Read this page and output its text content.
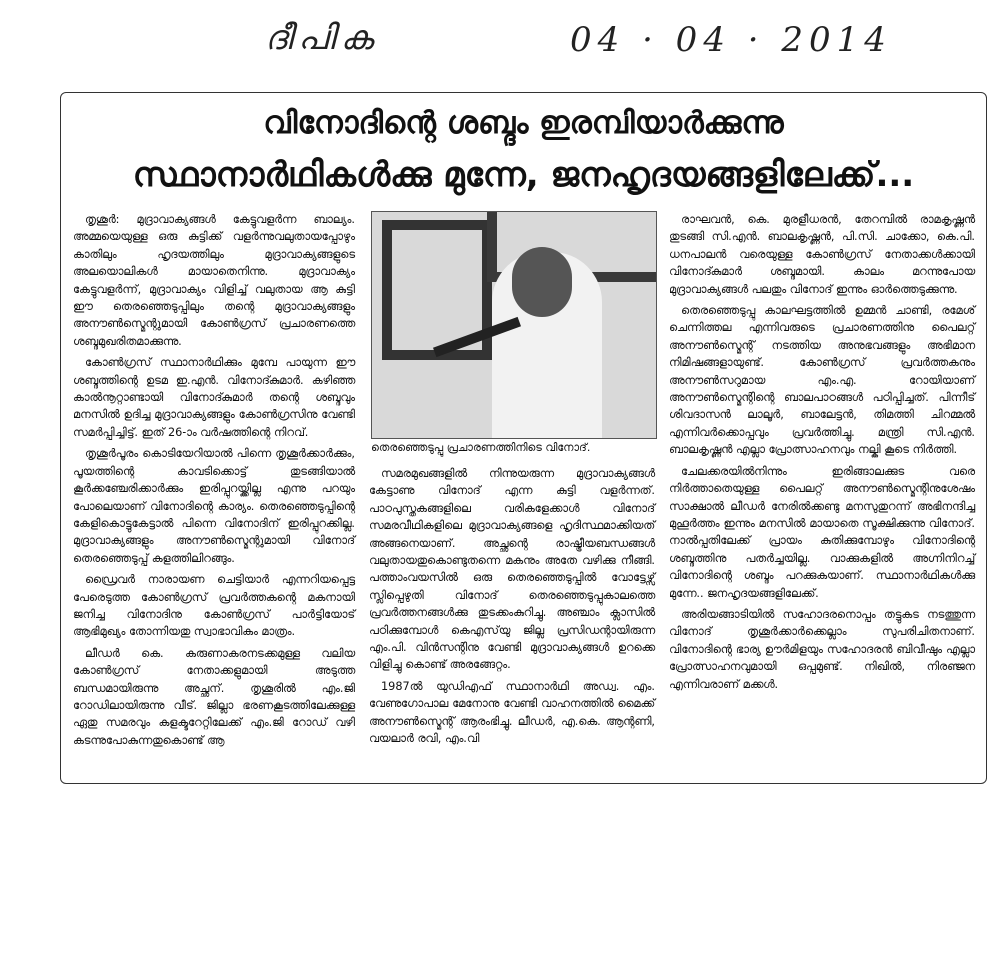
ദീപിക	04 · 04 · 2014
വിനോദിന്റെ ശബ്ദം ഇരമ്പിയാർക്കുന്നു
സ്ഥാനാർഥികൾക്കു മുന്നേ, ജനഹൃദയങ്ങളിലേക്ക്...

തൃശൂർ: മുദ്രാവാക്യങ്ങൾ കേട്ടുവളർന്ന ബാല്യം. അമ്മയെയുള്ള ഒരു കുട്ടിക്ക് വളർന്നുവലുതായപ്പോഴും കാതിലും ഹൃദയത്തിലും മുദ്രാവാക്യങ്ങളുടെ അലയൊലികൾ മായാതെനിന്നു. മുദ്രാവാക്യം കേട്ടുവളർന്ന്, മുദ്രാവാക്യം വിളിച്ച് വലുതായ ആ കുട്ടി ഈ തെരഞ്ഞെടുപ്പിലും തന്റെ മുദ്രാവാക്യങ്ങളും അനൗൺസ്മെന്റുമായി കോൺഗ്രസ് പ്രചാരണത്തെ ശബ്ദമുഖരിതമാക്കുന്നു.

കോൺഗ്രസ് സ്ഥാനാർഥിക്കും മുമ്പേ പായുന്ന ഈ ശബ്ദത്തിന്റെ ഉടമ ഇ.എൻ. വിനോദ്കുമാർ. കഴിഞ്ഞ കാൽനൂറ്റാണ്ടായി വിനോദ്കുമാർ തന്റെ ശബ്ദവും മനസിൽ ഉദിച്ച മുദ്രാവാക്യങ്ങളും കോൺഗ്രസിനു വേണ്ടി സമർപ്പിച്ചിട്ട്. ഇത് 26-ാം വർഷത്തിന്റെ നിറവ്.

തൃശൂർപൂരം കൊടിയേറിയാൽ പിന്നെ തൃശൂർക്കാർക്കും, പൂയത്തിന്റെ കാവടിക്കൊട്ട് തുടങ്ങിയാൽ കൂർക്കഞ്ചേരിക്കാർക്കും ഇരിപ്പുറയ്ക്കില്ല എന്നു പറയും പോലെയാണ് വിനോദിന്റെ കാര്യം. തെരഞ്ഞെടുപ്പിന്റെ കേളികൊട്ടുകേട്ടാൽ പിന്നെ വിനോദിന് ഇരിപ്പുറക്കില്ല. മുദ്രാവാക്യങ്ങളും അനൗൺസ്മെന്റുമായി വിനോദ് തെരഞ്ഞെടുപ്പ് കളത്തിലിറങ്ങും.

ഡ്രൈവർ നാരായണ ചെട്ടിയാർ എന്നറിയപ്പെട്ട പേരെടുത്ത കോൺഗ്രസ് പ്രവർത്തകന്റെ മകനായി ജനിച്ച വിനോദിനു കോൺഗ്രസ് പാർട്ടിയോട് ആഭിമുഖ്യം തോന്നിയതു സ്വാഭാവികം മാത്രം.

ലീഡർ കെ. കരുണാകരനടക്കമുള്ള വലിയ കോൺഗ്രസ് നേതാക്കളുമായി അടുത്ത ബന്ധമായിരുന്നു അച്ഛന്. തൃശൂരിൽ എം.ജി റോഡിലായിരുന്നു വീട്. ജില്ലാ ഭരണകൂടത്തിലേക്കുള്ള ഏതു സമരവും കളക്ടറേറ്റിലേക്ക് എം.ജി റോഡ് വഴി കടന്നുപോകുന്നതുകൊണ്ട് ആ

തെരഞ്ഞെടുപ്പു പ്രചാരണത്തിനിടെ വിനോദ്.

സമരമുഖങ്ങളിൽ നിന്നുയരുന്ന മുദ്രാവാക്യങ്ങൾ കേട്ടാണു വിനോദ് എന്ന കുട്ടി വളർന്നത്. പാഠപുസ്തകങ്ങളിലെ വരികളേക്കാൾ വിനോദ് സമരവീഥികളിലെ മുദ്രാവാക്യങ്ങളെ ഹൃദിസ്ഥമാക്കിയത് അങ്ങനെയാണ്. അച്ഛന്റെ രാഷ്ട്രീയബന്ധങ്ങൾ വലുതായതുകൊണ്ടുതന്നെ മകനും അതേ വഴിക്കു നീങ്ങി. പത്താംവയസിൽ ഒരു തെരഞ്ഞെടുപ്പിൽ വോട്ടേഴ്സ് സ്ലിപ്പെഴുതി വിനോദ് തെരഞ്ഞെടുപ്പുകാലത്തെ പ്രവർത്തനങ്ങൾക്കു തുടക്കംകുറിച്ചു. അഞ്ചാം ക്ലാസിൽ പഠിക്കുമ്പോൾ കെഎസ്‌യു ജില്ല പ്രസിഡന്റായിരുന്ന എം.പി. വിൻസന്റിനു വേണ്ടി മുദ്രാവാക്യങ്ങൾ ഉറക്കെ വിളിച്ചു കൊണ്ട് അരങ്ങേറ്റം.

1987ൽ യുഡിഎഫ് സ്ഥാനാർഥി അഡ്വ. എം. വേണുഗോപാല മേനോനു വേണ്ടി വാഹനത്തിൽ മൈക്ക് അനൗൺസ്മെന്റ് ആരംഭിച്ചു. ലീഡർ, എ.കെ. ആന്റണി, വയലാർ രവി, എം.വി

രാഘവൻ, കെ. മുരളീധരൻ, തേറമ്പിൽ രാമകൃഷ്ണൻ തുടങ്ങി സി.എൻ. ബാലകൃഷ്ണൻ, പി.സി. ചാക്കോ, കെ.പി. ധനപാലൻ വരെയുള്ള കോൺഗ്രസ് നേതാക്കൾക്കായി വിനോദ്കുമാർ ശബ്ദമായി. കാലം മറന്നുപോയ മുദ്രാവാക്യങ്ങൾ പലതും വിനോദ് ഇന്നും ഓർത്തെടുക്കുന്നു.

തെരഞ്ഞെടുപ്പു കാലഘട്ടത്തിൽ ഉമ്മൻ ചാണ്ടി, രമേശ് ചെന്നിത്തല എന്നിവരുടെ പ്രചാരണത്തിനു പൈലറ്റ് അനൗൺസ്മെന്റ് നടത്തിയ അനുഭവങ്ങളും അഭിമാന നിമിഷങ്ങളായുണ്ട്. കോൺഗ്രസ് പ്രവർത്തകനും അനൗൺസറുമായ എം.എ. റോയിയാണ് അനൗൺസ്മെന്റിന്റെ ബാലപാഠങ്ങൾ പഠിപ്പിച്ചത്. പിന്നീട് ശിവദാസൻ ലാലൂർ, ബാലേട്ടൻ, തിമത്തി ചിറമ്മൽ എന്നിവർക്കൊപ്പവും പ്രവർത്തിച്ചു. മന്ത്രി സി.എൻ. ബാലകൃഷ്ണൻ എല്ലാ പ്രോത്സാഹനവും നല്കി കൂടെ നിർത്തി.

ചേലക്കരയിൽനിന്നും ഇരിങ്ങാലക്കുട വരെ നിർത്താതെയുള്ള പൈലറ്റ് അനൗൺസ്മെന്റിനുശേഷം സാക്ഷാൽ ലീഡർ നേരിൽക്കണ്ടു മനസുതുറന്ന് അഭിനന്ദിച്ച മുഹൂർത്തം ഇന്നും മനസിൽ മായാതെ സൂക്ഷിക്കുന്നു വിനോദ്. നാൽപ്പതിലേക്ക് പ്രായം കുതിക്കുമ്പോഴും വിനോദിന്റെ ശബ്ദത്തിനു പതർച്ചയില്ല. വാക്കുകളിൽ അഗ്നിനിറച്ച് വിനോദിന്റെ ശബ്ദം പറക്കുകയാണ്. സ്ഥാനാർഥികൾക്കു മുന്നേ.. ജനഹൃദയങ്ങളിലേക്ക്.

അരിയങ്ങാടിയിൽ സഹോദരനൊപ്പം തട്ടുകട നടത്തുന്ന വിനോദ് തൃശൂർക്കാർക്കെല്ലാം സുപരിചിതനാണ്. വിനോദിന്റെ ഭാര്യ ഊർമിളയും സഹോദരൻ ബിവീഷും എല്ലാ പ്രോത്സാഹനവുമായി ഒപ്പമുണ്ട്. നിഖിൽ, നിരഞ്ജന എന്നിവരാണ് മക്കൾ.
